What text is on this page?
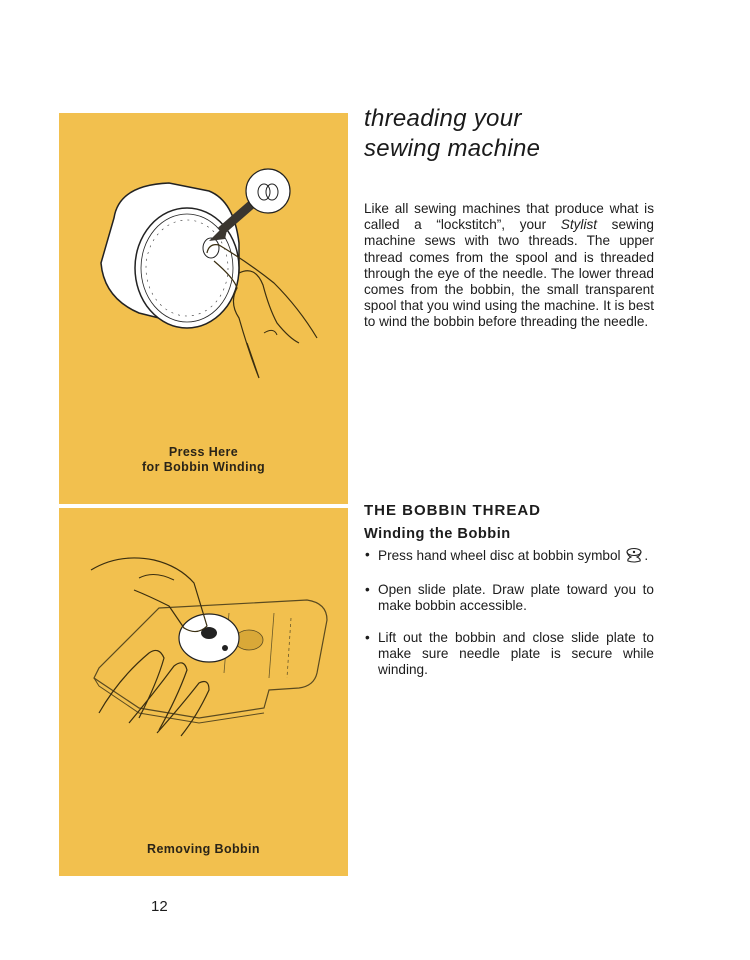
Press Here
for Bobbin Winding
Removing Bobbin
threading your
sewing machine

Like all sewing machines that produce what is called a “lockstitch”, your Stylist sewing machine sews with two threads. The upper thread comes from the spool and is threaded through the eye of the needle. The lower thread comes from the bobbin, the small transparent spool that you wind using the machine. It is best to wind the bobbin before threading the needle.

THE BOBBIN THREAD
Winding the Bobbin
• Press hand wheel disc at bobbin symbol .
• Open slide plate. Draw plate toward you to make bobbin accessible.
• Lift out the bobbin and close slide plate to make sure needle plate is secure while winding.
12
